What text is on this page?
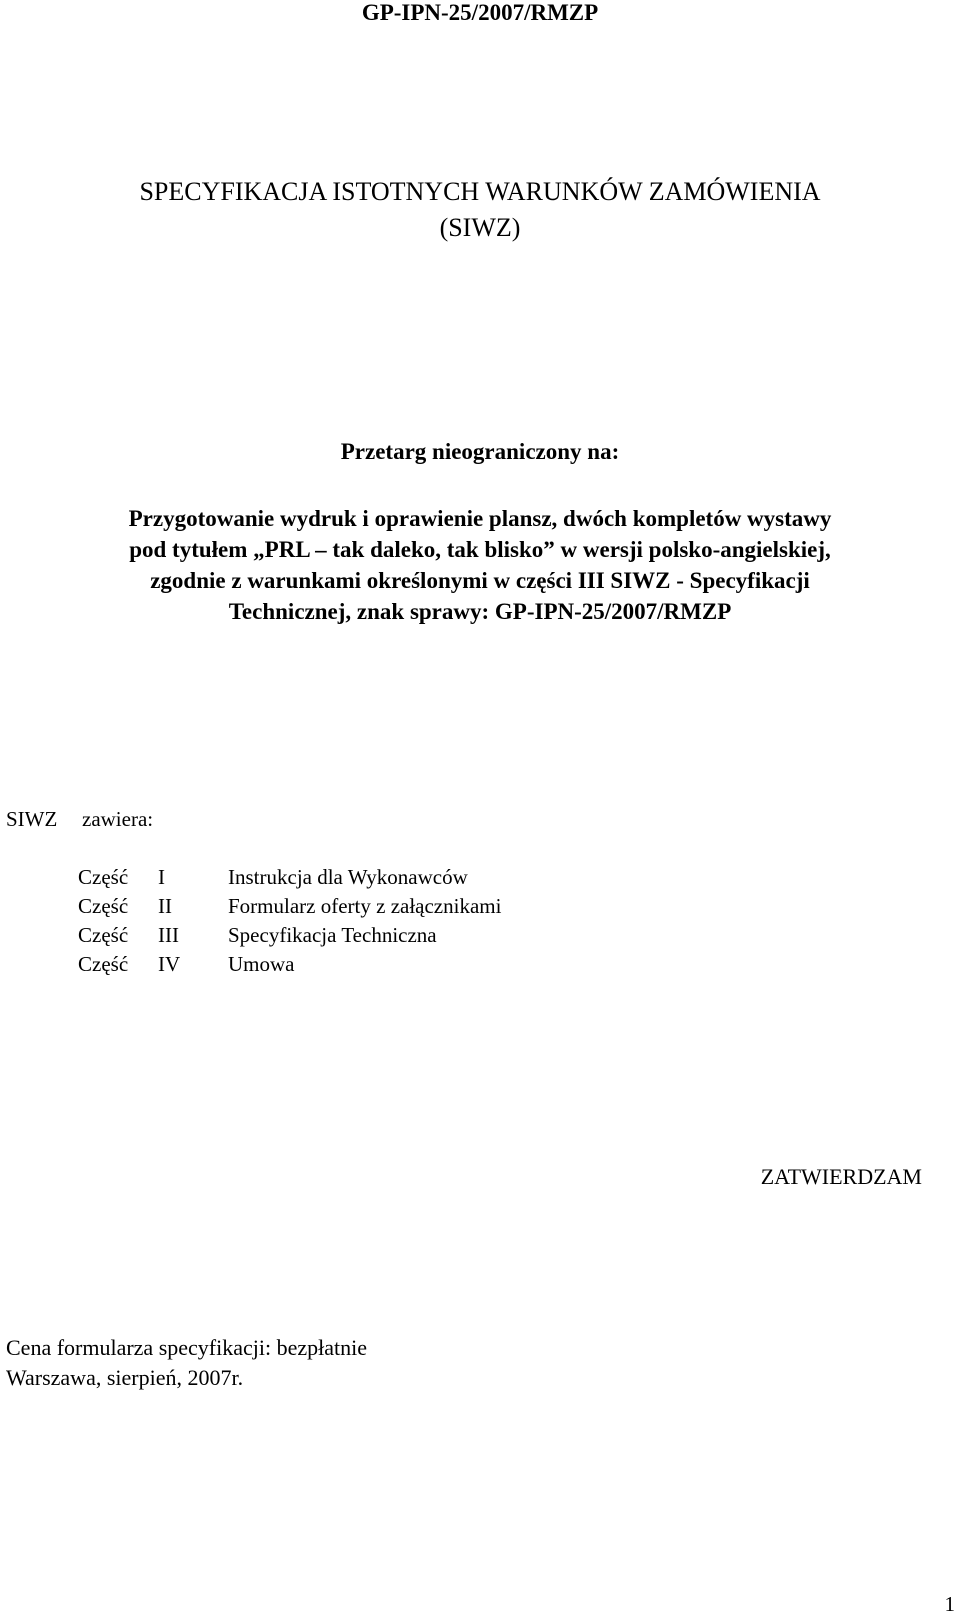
GP-IPN-25/2007/RMZP
SPECYFIKACJA ISTOTNYCH WARUNKÓW ZAMÓWIENIA
(SIWZ)
Przetarg nieograniczony na:
Przygotowanie wydruk i oprawienie plansz, dwóch kompletów wystawy
pod tytułem „PRL – tak daleko, tak blisko” w wersji polsko-angielskiej,
zgodnie z warunkami określonymi w części III SIWZ - Specyfikacji
Technicznej, znak sprawy: GP-IPN-25/2007/RMZP
SIWZ zawiera:
Część	I	Instrukcja dla Wykonawców
Część	II	Formularz oferty z załącznikami
Część	III	Specyfikacja Techniczna
Część	IV	Umowa
ZATWIERDZAM
Cena formularza specyfikacji: bezpłatnie
Warszawa, sierpień, 2007r.
1
